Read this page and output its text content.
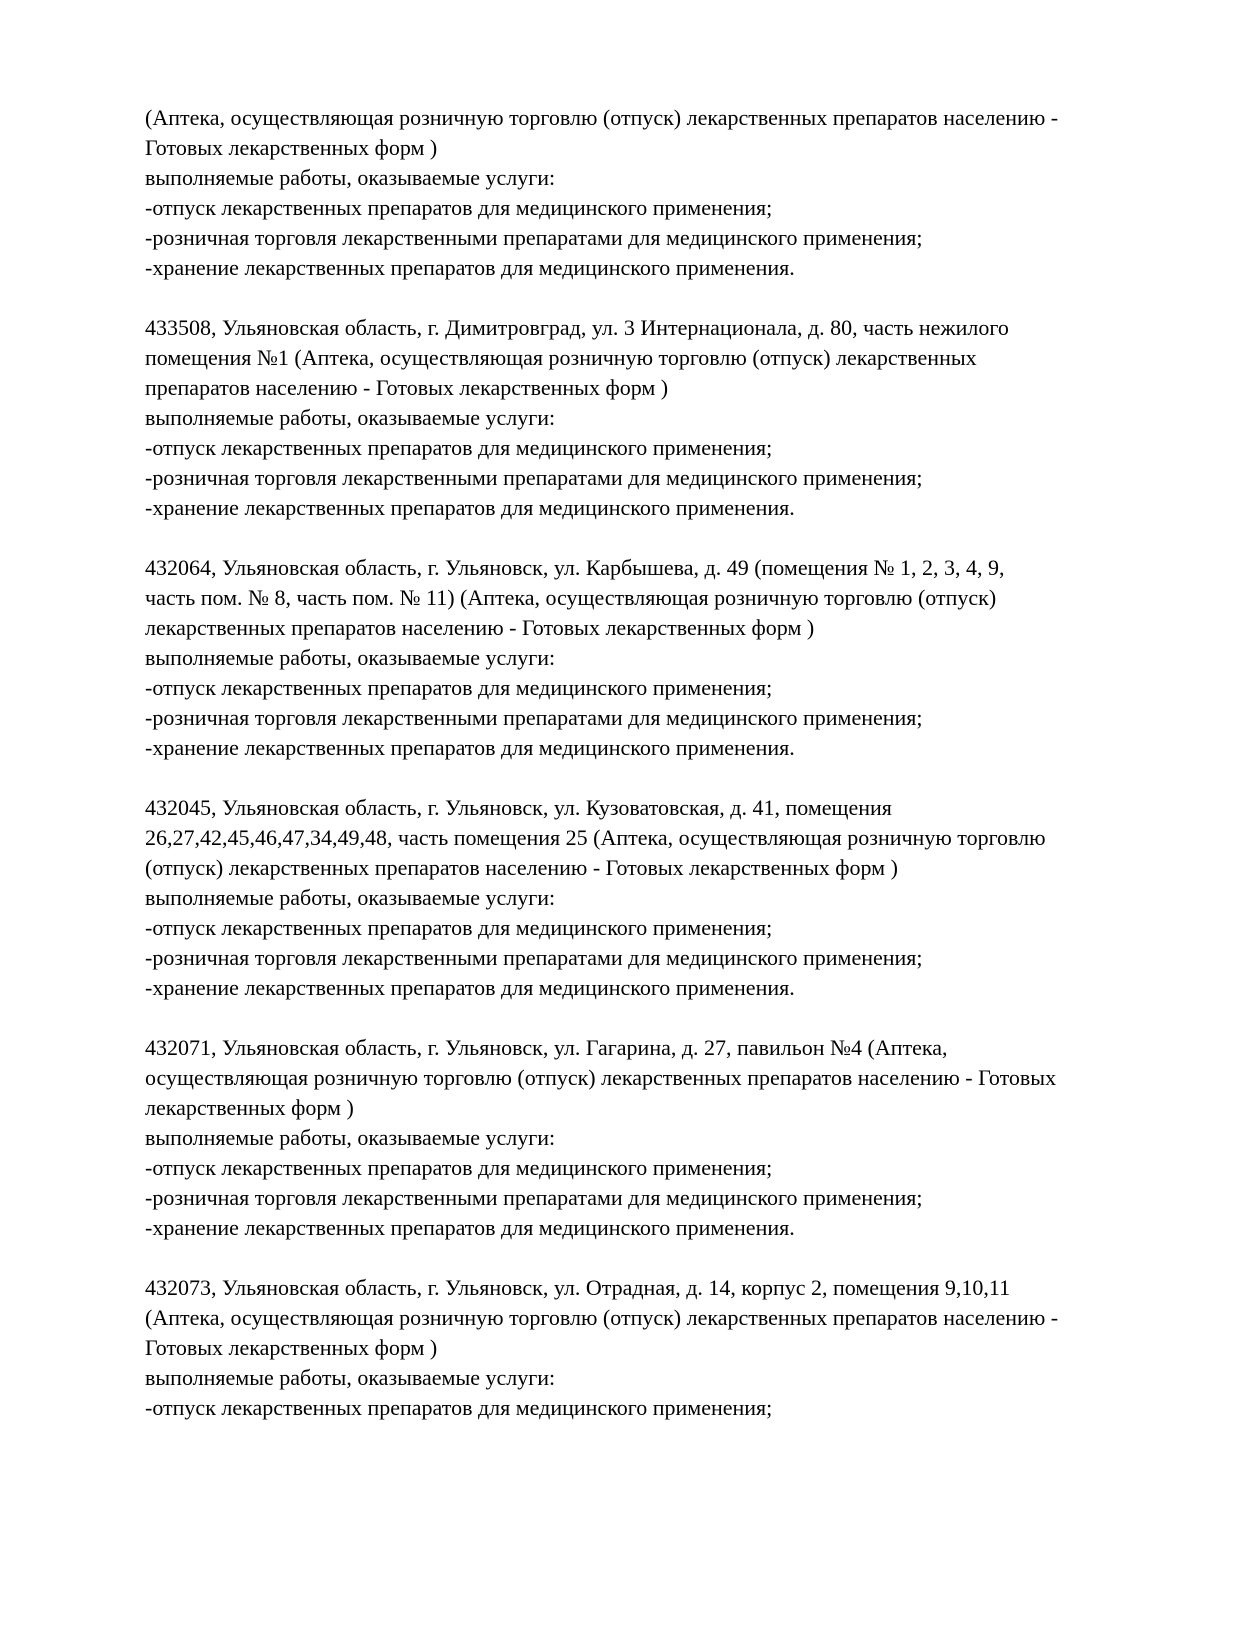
(Аптека, осуществляющая розничную торговлю (отпуск) лекарственных препаратов населению -
Готовых лекарственных форм )
выполняемые работы, оказываемые услуги:
-отпуск лекарственных препаратов для медицинского применения;
-розничная торговля лекарственными препаратами для медицинского применения;
-хранение лекарственных препаратов для медицинского применения.
433508, Ульяновская область, г. Димитровград, ул. 3 Интернационала, д. 80, часть нежилого
помещения №1 (Аптека, осуществляющая розничную торговлю (отпуск) лекарственных
препаратов населению - Готовых лекарственных форм )
выполняемые работы, оказываемые услуги:
-отпуск лекарственных препаратов для медицинского применения;
-розничная торговля лекарственными препаратами для медицинского применения;
-хранение лекарственных препаратов для медицинского применения.
432064, Ульяновская область, г. Ульяновск, ул. Карбышева, д. 49 (помещения № 1, 2, 3, 4, 9,
часть пом. № 8, часть пом. № 11) (Аптека, осуществляющая розничную торговлю (отпуск)
лекарственных препаратов населению - Готовых лекарственных форм )
выполняемые работы, оказываемые услуги:
-отпуск лекарственных препаратов для медицинского применения;
-розничная торговля лекарственными препаратами для медицинского применения;
-хранение лекарственных препаратов для медицинского применения.
432045, Ульяновская область, г. Ульяновск, ул. Кузоватовская, д. 41, помещения
26,27,42,45,46,47,34,49,48, часть помещения 25 (Аптека, осуществляющая розничную торговлю
(отпуск) лекарственных препаратов населению - Готовых лекарственных форм )
выполняемые работы, оказываемые услуги:
-отпуск лекарственных препаратов для медицинского применения;
-розничная торговля лекарственными препаратами для медицинского применения;
-хранение лекарственных препаратов для медицинского применения.
432071, Ульяновская область, г. Ульяновск, ул. Гагарина, д. 27, павильон №4 (Аптека,
осуществляющая розничную торговлю (отпуск) лекарственных препаратов населению - Готовых
лекарственных форм )
выполняемые работы, оказываемые услуги:
-отпуск лекарственных препаратов для медицинского применения;
-розничная торговля лекарственными препаратами для медицинского применения;
-хранение лекарственных препаратов для медицинского применения.
432073, Ульяновская область, г. Ульяновск, ул. Отрадная, д. 14, корпус 2, помещения 9,10,11
(Аптека, осуществляющая розничную торговлю (отпуск) лекарственных препаратов населению -
Готовых лекарственных форм )
выполняемые работы, оказываемые услуги:
-отпуск лекарственных препаратов для медицинского применения;
